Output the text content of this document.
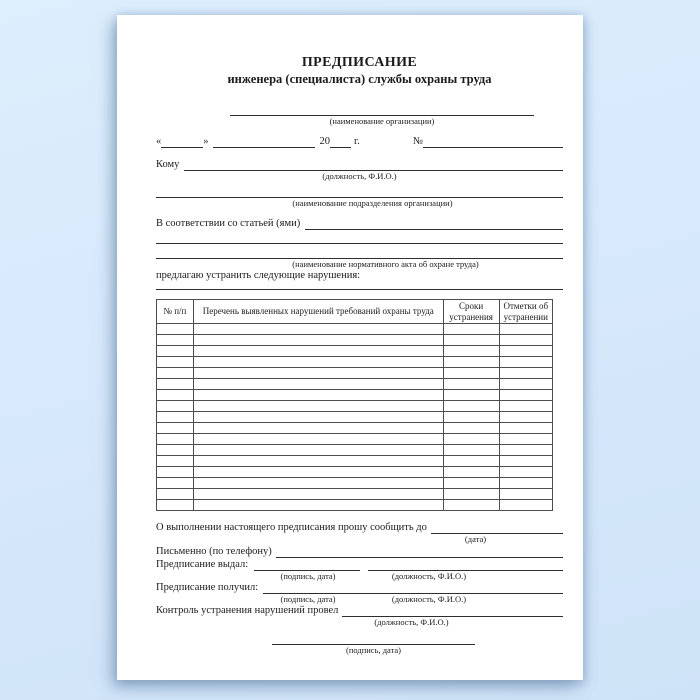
ПРЕДПИСАНИЕ
инженера (специалиста) службы охраны труда
(наименование организации)
«	»	20 г.	№
Кому
(должность, Ф.И.О.)
(наименование подразделения организации)
В соответствии со статьей (ями)
(наименование нормативного акта об охране труда)
предлагаю устранить следующие нарушения:
№ п/п	Перечень выявленных нарушений требований охраны труда	Сроки устранения	Отметки об устранении

О выполнении настоящего предписания прошу сообщить до
(дата)
Письменно (по телефону)
Предписание выдал:
(подпись, дата)	(должность, Ф.И.О.)
Предписание получил:
(подпись, дата)	(должность, Ф.И.О.)
Контроль устранения нарушений провел
(должность, Ф.И.О.)
(подпись, дата)
